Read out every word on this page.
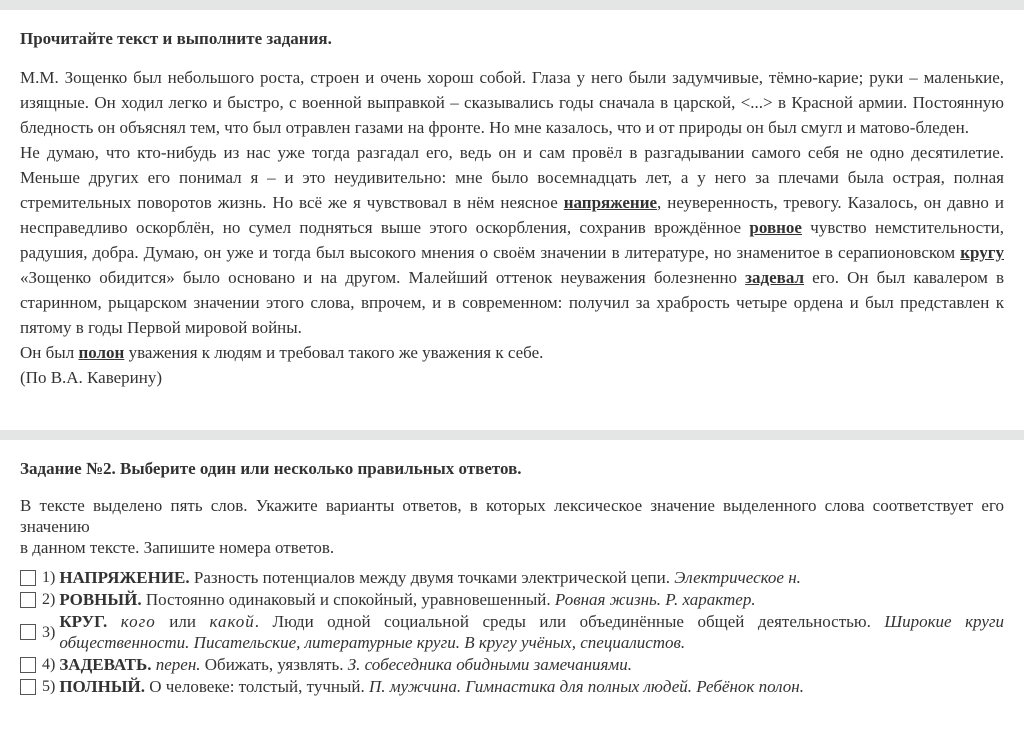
Прочитайте текст и выполните задания.

М.М. Зощенко был небольшого роста, строен и очень хорош собой. Глаза у него были задумчивые, тёмно-карие; руки – маленькие, изящные. Он ходил легко и быстро, с военной выправкой – сказывались годы сначала в царской, <...> в Красной армии. Постоянную бледность он объяснял тем, что был отравлен газами на фронте. Но мне казалось, что и от природы он был смугл и матово-бледен.

Не думаю, что кто-нибудь из нас уже тогда разгадал его, ведь он и сам провёл в разгадывании самого себя не одно десятилетие. Меньше других его понимал я – и это неудивительно: мне было восемнадцать лет, а у него за плечами была острая, полная стремительных поворотов жизнь. Но всё же я чувствовал в нём неясное напряжение, неуверенность, тревогу. Казалось, он давно и несправедливо оскорблён, но сумел подняться выше этого оскорбления, сохранив врождённое ровное чувство немстительности, радушия, добра. Думаю, он уже и тогда был высокого мнения о своём значении в литературе, но знаменитое в серапионовском кругу «Зощенко обидится» было основано и на другом. Малейший оттенок неуважения болезненно задевал его. Он был кавалером в старинном, рыцарском значении этого слова, впрочем, и в современном: получил за храбрость четыре ордена и был представлен к пятому в годы Первой мировой войны.

Он был полон уважения к людям и требовал такого же уважения к себе.

(По В.А. Каверину)

Задание №2. Выберите один или несколько правильных ответов.

В тексте выделено пять слов. Укажите варианты ответов, в которых лексическое значение выделенного слова соответствует его значению
в данном тексте. Запишите номера ответов.

1) НАПРЯЖЕНИЕ. Разность потенциалов между двумя точками электрической цепи. Электрическое н.
2) РОВНЫЙ. Постоянно одинаковый и спокойный, уравновешенный. Ровная жизнь. Р. характер.
3)
КРУГ. кого или какой. Люди одной социальной среды или объединённые общей деятельностью. Широкие круги общественности. Писательские, литературные круги. В кругу учёных, специалистов.
4) ЗАДЕВАТЬ. перен. Обижать, уязвлять. З. собеседника обидными замечаниями.
5) ПОЛНЫЙ. О человеке: толстый, тучный. П. мужчина. Гимнастика для полных людей. Ребёнок полон.
